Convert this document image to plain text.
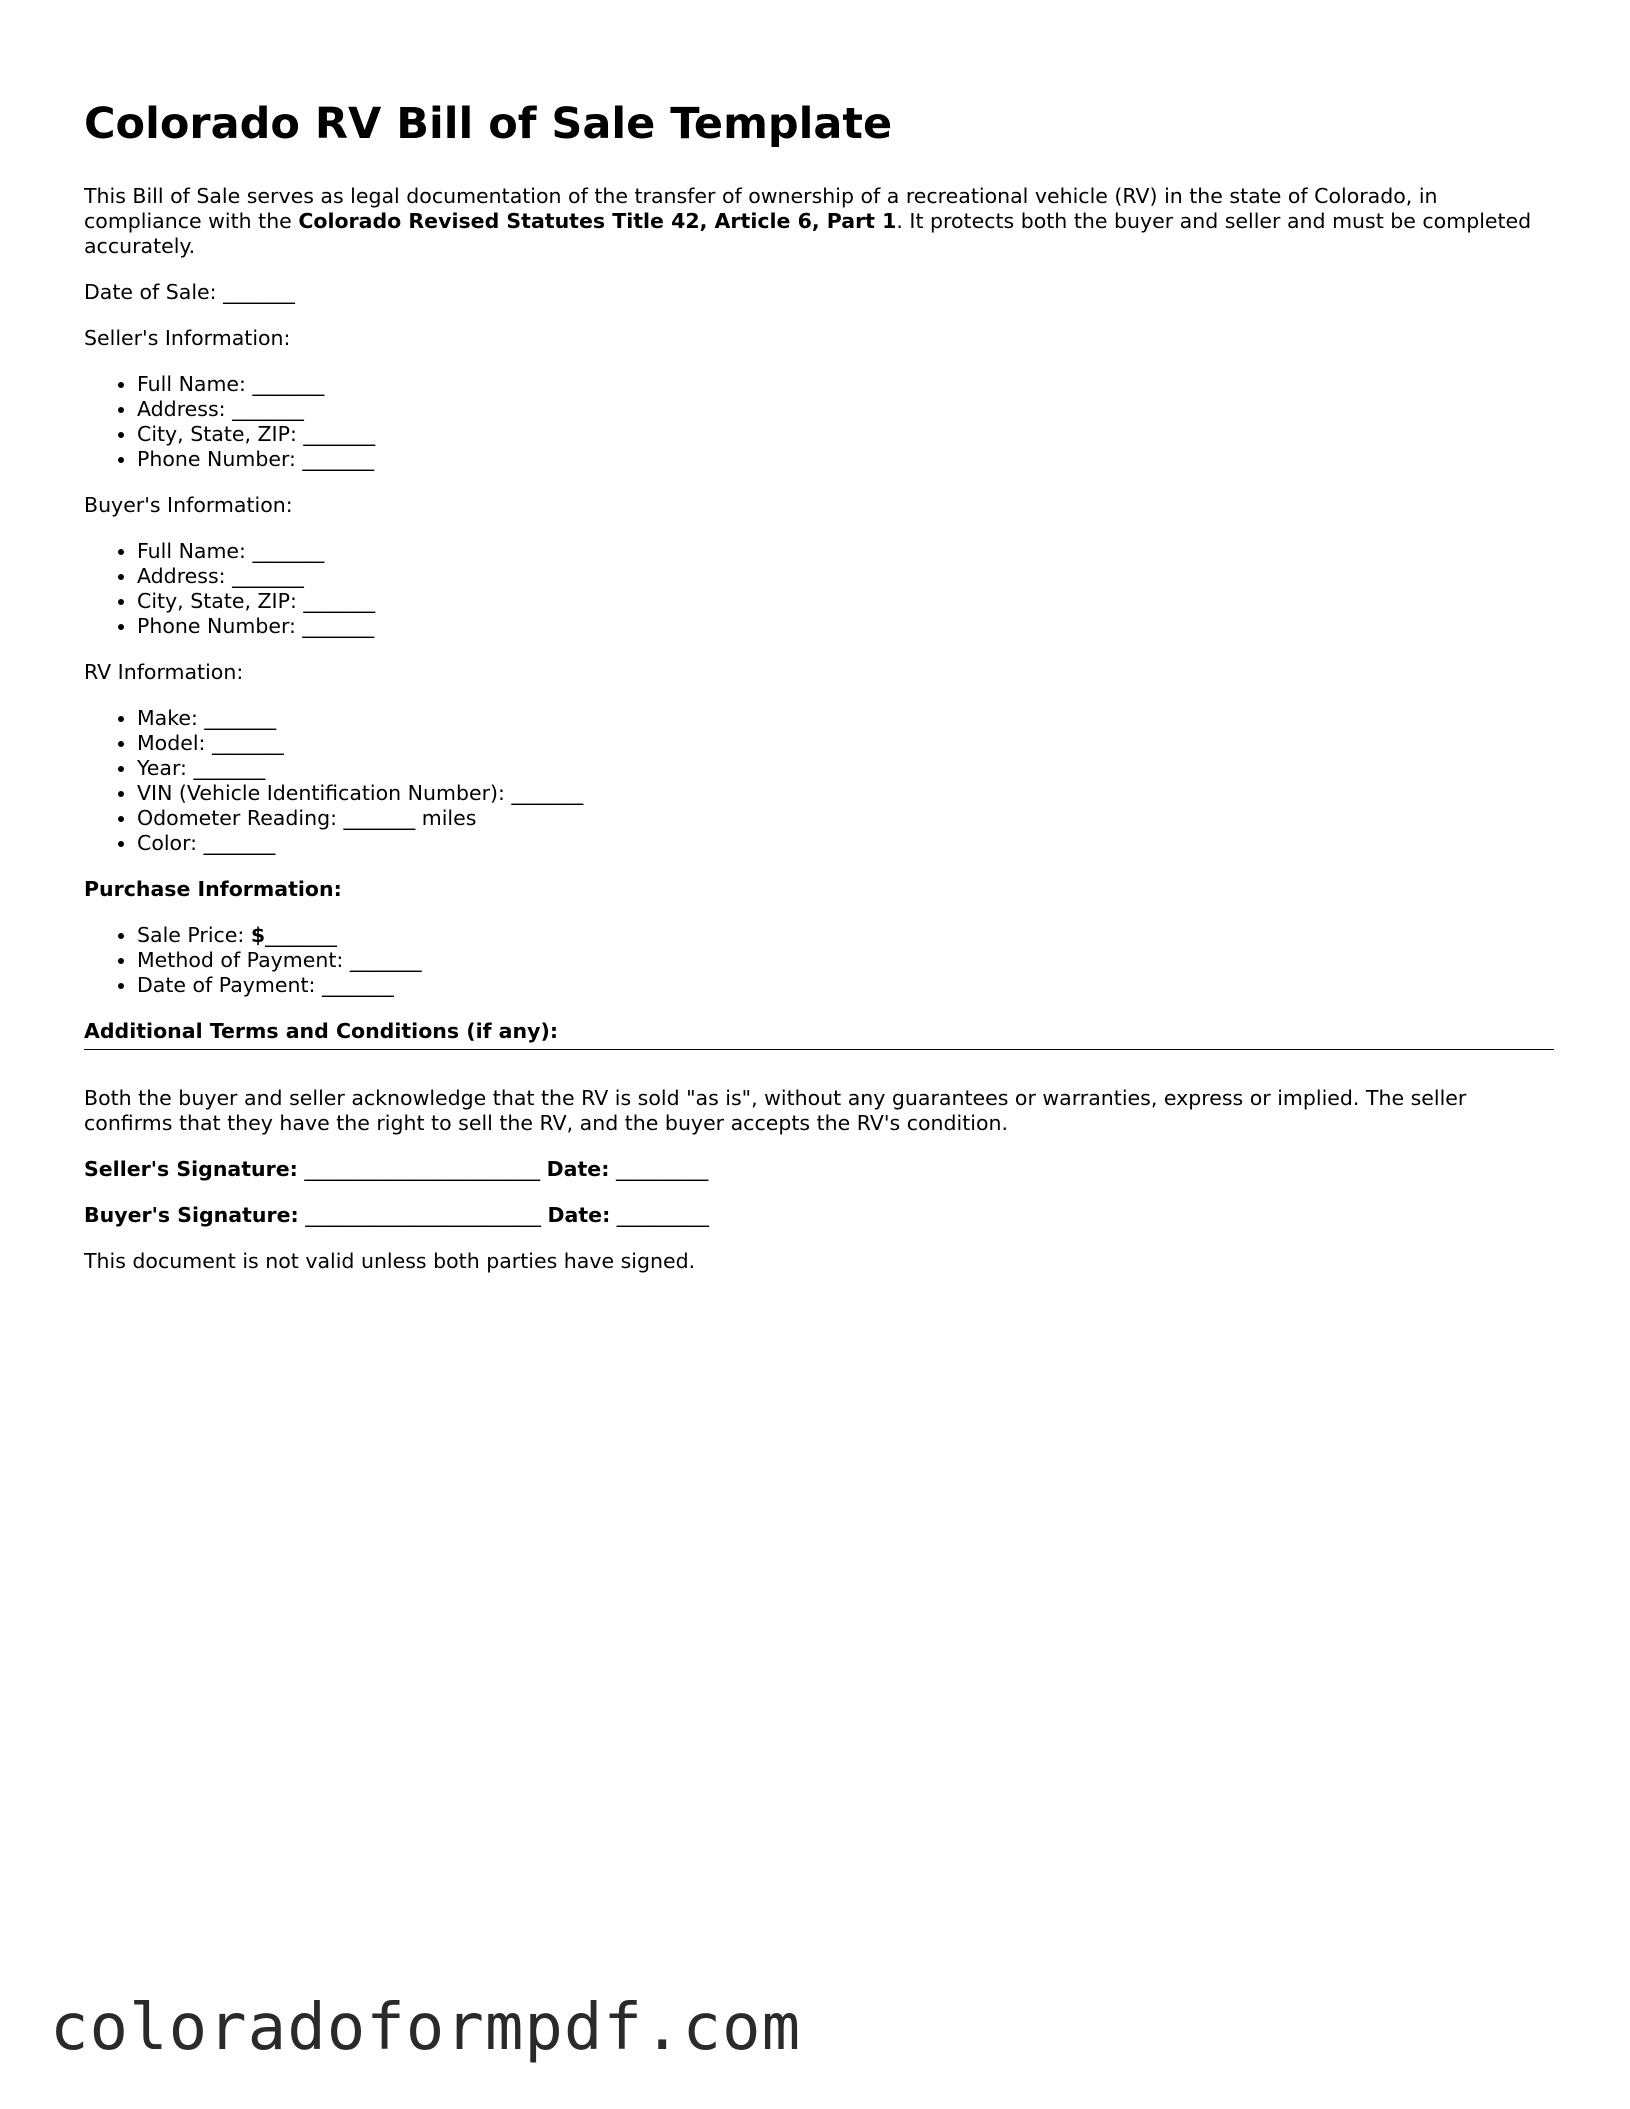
Colorado RV Bill of Sale Template

This Bill of Sale serves as legal documentation of the transfer of ownership of a recreational vehicle (RV) in the state of Colorado, in compliance with the Colorado Revised Statutes Title 42, Article 6, Part 1. It protects both the buyer and seller and must be completed accurately.

Date of Sale: _______

Seller's Information:

• Full Name: _______
• Address: _______
• City, State, ZIP: _______
• Phone Number: _______

Buyer's Information:

• Full Name: _______
• Address: _______
• City, State, ZIP: _______
• Phone Number: _______

RV Information:

• Make: _______
• Model: _______
• Year: _______
• VIN (Vehicle Identification Number): _______
• Odometer Reading: _______ miles
• Color: _______

Purchase Information:

• Sale Price: $_______
• Method of Payment: _______
• Date of Payment: _______

Additional Terms and Conditions (if any):

Both the buyer and seller acknowledge that the RV is sold "as is", without any guarantees or warranties, express or implied. The seller confirms that they have the right to sell the RV, and the buyer accepts the RV's condition.

Seller's Signature: _______________________ Date: _________

Buyer's Signature: _______________________ Date: _________

This document is not valid unless both parties have signed.

coloradoformpdf.com
